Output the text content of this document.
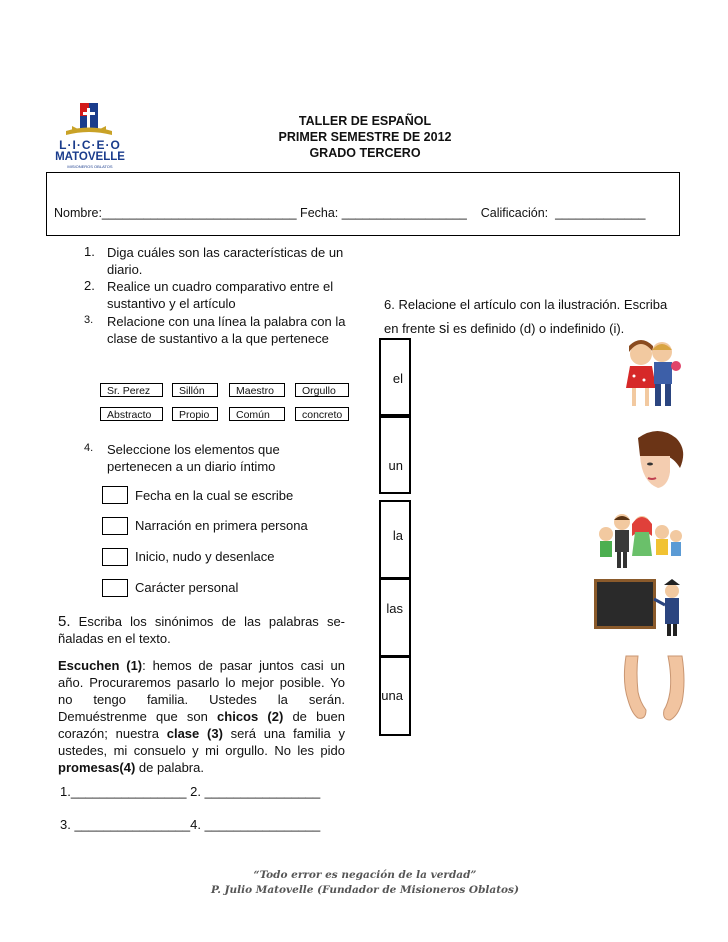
L·I·C·E·O
MATOVELLE
MISIONEROS OBLATOS
TALLER DE ESPAÑOL
PRIMER SEMESTRE DE 2012
GRADO TERCERO
Nombre:____________________________ Fecha: __________________    Calificación:  _____________
1. Diga cuáles son las características de un diario.
2. Realice un cuadro comparativo entre el sustantivo y el artículo
3. Relacione con una línea la palabra con la clase de sustantivo a la que pertenece
Sr. Perez	Sillón	Maestro	Orgullo
Abstracto	Propio	Común	concreto
4. Seleccione los elementos que pertenecen a un diario íntimo
Fecha en la cual se escribe
Narración en primera persona
Inicio, nudo y desenlace
Carácter personal
5. Escriba los sinónimos de las palabras se-ñaladas en el texto.
Escuchen (1): hemos de pasar juntos casi un año. Procuraremos pasarlo lo mejor posible. Yo no tengo familia. Ustedes la serán. Demuéstrenme que son chicos (2) de buen corazón; nuestra clase (3) será una familia y ustedes, mi consuelo y mi orgullo. No les pido promesas(4) de palabra.
1.________________ 2. ________________
3. ________________4. ________________
6. Relacione el artículo con la ilustración. Escriba
en frente si es definido (d) o indefinido (i).
el
un
la
las
una
“Todo error es negación de la verdad”
P. Julio Matovelle (Fundador de Misioneros Oblatos)
